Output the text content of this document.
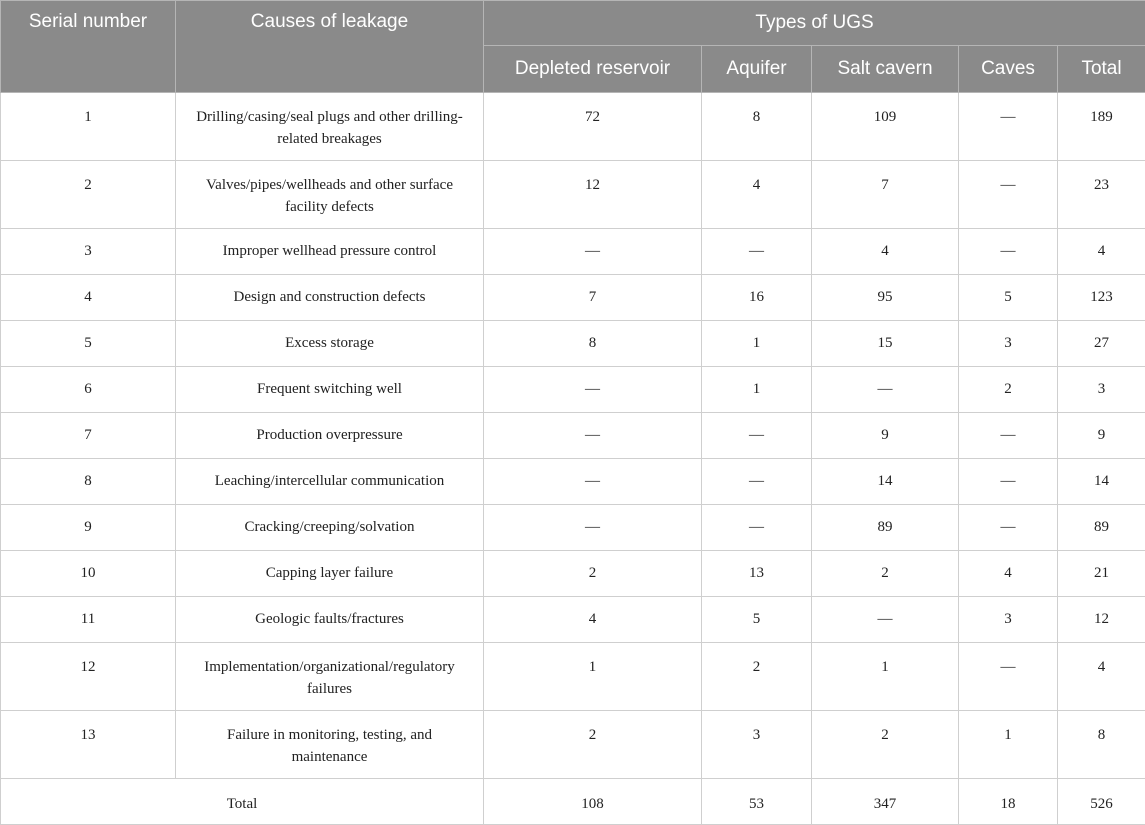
Serial number	Causes of leakage	Types of UGS				
		Depleted reservoir	Aquifer	Salt cavern	Caves	Total
1	Drilling/casing/seal plugs and other drilling-related breakages	72	8	109	—	189
2	Valves/pipes/wellheads and other surface facility defects	12	4	7	—	23
3	Improper wellhead pressure control	—	—	4	—	4
4	Design and construction defects	7	16	95	5	123
5	Excess storage	8	1	15	3	27
6	Frequent switching well	—	1	—	2	3
7	Production overpressure	—	—	9	—	9
8	Leaching/intercellular communication	—	—	14	—	14
9	Cracking/creeping/solvation	—	—	89	—	89
10	Capping layer failure	2	13	2	4	21
11	Geologic faults/fractures	4	5	—	3	12
12	Implementation/organizational/regulatory failures	1	2	1	—	4
13	Failure in monitoring, testing, and maintenance	2	3	2	1	8
Total		108	53	347	18	526
